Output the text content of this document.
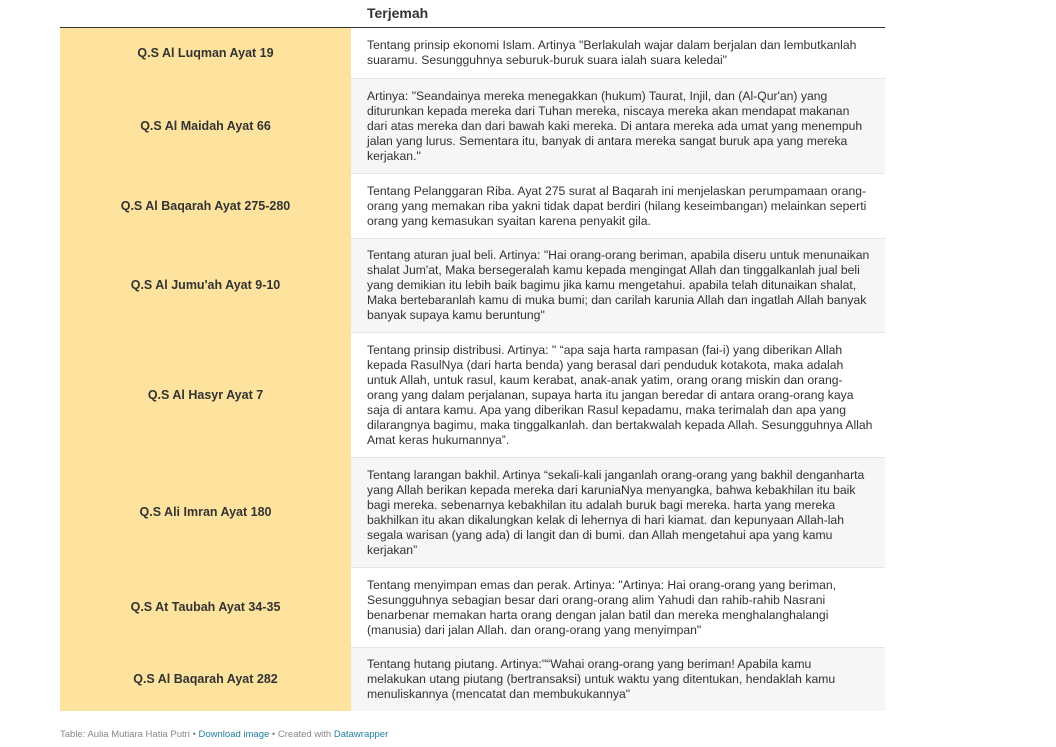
Terjemah
Q.S Al Luqman Ayat 19
Tentang prinsip ekonomi Islam. Artinya "Berlakulah wajar dalam berjalan dan lembutkanlah suaramu. Sesungguhnya seburuk-buruk suara ialah suara keledai"
Q.S Al Maidah Ayat 66
Artinya: "Seandainya mereka menegakkan (hukum) Taurat, Injil, dan (Al-Qur'an) yang diturunkan kepada mereka dari Tuhan mereka, niscaya mereka akan mendapat makanan dari atas mereka dan dari bawah kaki mereka. Di antara mereka ada umat yang menempuh jalan yang lurus. Sementara itu, banyak di antara mereka sangat buruk apa yang mereka kerjakan."
Q.S Al Baqarah Ayat 275-280
Tentang Pelanggaran Riba. Ayat 275 surat al Baqarah ini menjelaskan perumpamaan orang-orang yang memakan riba yakni tidak dapat berdiri (hilang keseimbangan) melainkan seperti orang yang kemasukan syaitan karena penyakit gila.
Q.S Al Jumu'ah Ayat 9-10
Tentang aturan jual beli. Artinya: "Hai orang-orang beriman, apabila diseru untuk menunaikan shalat Jum'at, Maka bersegeralah kamu kepada mengingat Allah dan tinggalkanlah jual beli yang demikian itu lebih baik bagimu jika kamu mengetahui. apabila telah ditunaikan shalat, Maka bertebaranlah kamu di muka bumi; dan carilah karunia Allah dan ingatlah Allah banyak banyak supaya kamu beruntung"
Q.S Al Hasyr Ayat 7
Tentang prinsip distribusi. Artinya: " “apa saja harta rampasan (fai-i) yang diberikan Allah kepada RasulNya (dari harta benda) yang berasal dari penduduk kotakota, maka adalah untuk Allah, untuk rasul, kaum kerabat, anak-anak yatim, orang orang miskin dan orang-orang yang dalam perjalanan, supaya harta itu jangan beredar di antara orang-orang kaya saja di antara kamu. Apa yang diberikan Rasul kepadamu, maka terimalah dan apa yang dilarangnya bagimu, maka tinggalkanlah. dan bertakwalah kepada Allah. Sesungguhnya Allah Amat keras hukumannya”.
Q.S Ali Imran Ayat 180
Tentang larangan bakhil. Artinya “sekali-kali janganlah orang-orang yang bakhil denganharta yang Allah berikan kepada mereka dari karuniaNya menyangka, bahwa kebakhilan itu baik bagi mereka. sebenarnya kebakhilan itu adalah buruk bagi mereka. harta yang mereka bakhilkan itu akan dikalungkan kelak di lehernya di hari kiamat. dan kepunyaan Allah-lah segala warisan (yang ada) di langit dan di bumi. dan Allah mengetahui apa yang kamu kerjakan”
Q.S At Taubah Ayat 34-35
Tentang menyimpan emas dan perak. Artinya: "Artinya: Hai orang-orang yang beriman, Sesungguhnya sebagian besar dari orang-orang alim Yahudi dan rahib-rahib Nasrani benarbenar memakan harta orang dengan jalan batil dan mereka menghalanghalangi (manusia) dari jalan Allah. dan orang-orang yang menyimpan"
Q.S Al Baqarah Ayat 282
Tentang hutang piutang. Artinya:"“Wahai orang-orang yang beriman! Apabila kamu melakukan utang piutang (bertransaksi) untuk waktu yang ditentukan, hendaklah kamu menuliskannya (mencatat dan membukukannya"
Table: Aulia Mutiara Hatia Putri • Download image • Created with Datawrapper
